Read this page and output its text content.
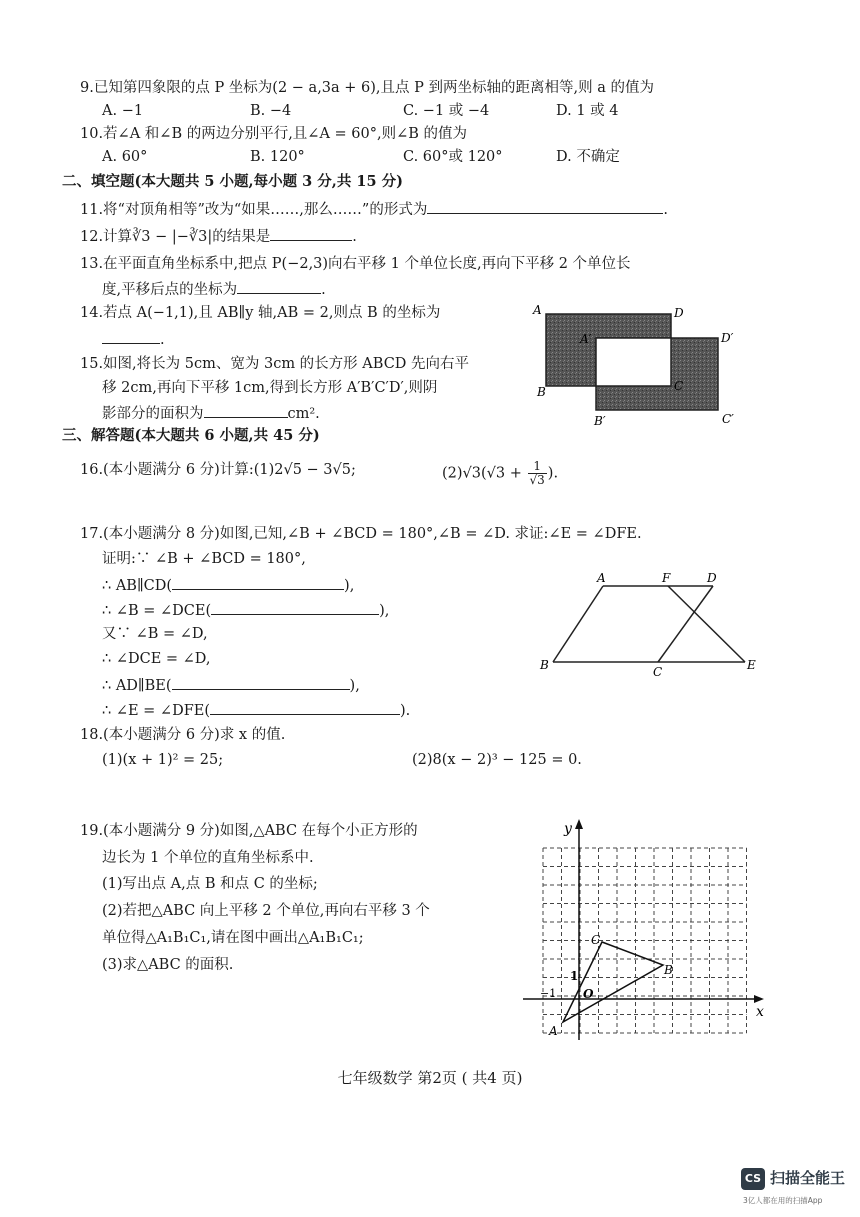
9.已知第四象限的点 P 坐标为(2 − a,3a + 6),且点 P 到两坐标轴的距离相等,则 a 的值为
A. −1	B. −4	C. −1 或 −4	D. 1 或 4
10.若∠A 和∠B 的两边分别平行,且∠A = 60°,则∠B 的值为
A. 60°	B. 120°	C. 60°或 120°	D. 不确定
二、填空题(本大题共 5 小题,每小题 3 分,共 15 分)
11.将“对顶角相等”改为“如果……,那么……”的形式为	.
12.计算∛3 − |−∛3|的结果是	.
13.在平面直角坐标系中,把点 P(−2,3)向右平移 1 个单位长度,再向下平移 2 个单位长
度,平移后点的坐标为	.
14.若点 A(−1,1),且 AB∥y 轴,AB = 2,则点 B 的坐标为
.
15.如图,将长为 5cm、宽为 3cm 的长方形 ABCD 先向右平
移 2cm,再向下平移 1cm,得到长方形 A′B′C′D′,则阴
影部分的面积为	cm².
A	D
A′	D′
C
B
B′	C′
三、解答题(本大题共 6 小题,共 45 分)
16.(本小题满分 6 分)计算:(1)2√5 − 3√5;	$(2)√3(√3 + \frac{1}{√3}$ ).
17.(本小题满分 8 分)如图,已知,∠B + ∠BCD = 180°,∠B = ∠D. 求证:∠E = ∠DFE.
证明:∵ ∠B + ∠BCD = 180°,
∴ AB∥CD(	),
∴ ∠B = ∠DCE(	),
又∵ ∠B = ∠D,
∴ ∠DCE = ∠D,
∴ AD∥BE(	),
∴ ∠E = ∠DFE(	).
A	F	D
B	C	E
18.(本小题满分 6 分)求 x 的值.
(1)(x + 1)² = 25;	(2)8(x − 2)³ − 125 = 0.
19.(本小题满分 9 分)如图,△ABC 在每个小正方形的
边长为 1 个单位的直角坐标系中.
(1)写出点 A,点 B 和点 C 的坐标;
(2)若把△ABC 向上平移 2 个单位,再向右平移 3 个
单位得△A₁B₁C₁,请在图中画出△A₁B₁C₁;
(3)求△ABC 的面积.
y
x
O
1
−1
A
B
C
七年级数学 第2页 ( 共4 页)
CS 扫描全能王
3亿人都在用的扫描App
